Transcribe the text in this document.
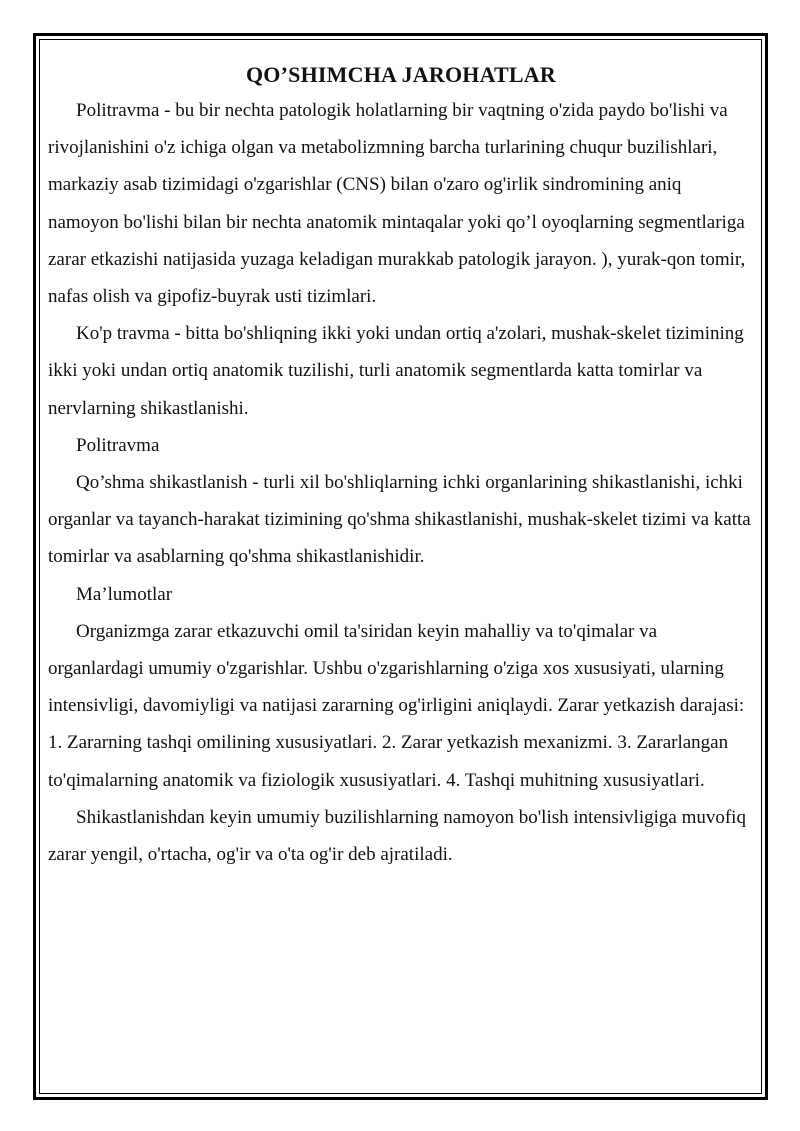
QO’SHIMCHA JAROHATLAR

Politravma - bu bir nechta patologik holatlarning bir vaqtning o'zida paydo bo'lishi va rivojlanishini o'z ichiga olgan va metabolizmning barcha turlarining chuqur buzilishlari, markaziy asab tizimidagi o'zgarishlar (CNS) bilan o'zaro og'irlik sindromining aniq namoyon bo'lishi bilan bir nechta anatomik mintaqalar yoki qo’l oyoqlarning segmentlariga zarar etkazishi natijasida yuzaga keladigan murakkab patologik jarayon. ), yurak-qon tomir, nafas olish va gipofiz-buyrak usti tizimlari.

Ko'p travma - bitta bo'shliqning ikki yoki undan ortiq a'zolari, mushak-skelet tizimining ikki yoki undan ortiq anatomik tuzilishi, turli anatomik segmentlarda katta tomirlar va nervlarning shikastlanishi.

Politravma

Qo’shma shikastlanish - turli xil bo'shliqlarning ichki organlarining shikastlanishi, ichki organlar va tayanch-harakat tizimining qo'shma shikastlanishi, mushak-skelet tizimi va katta tomirlar va asablarning qo'shma shikastlanishidir.

Ma’lumotlar

Organizmga zarar etkazuvchi omil ta'siridan keyin mahalliy va to'qimalar va organlardagi umumiy o'zgarishlar. Ushbu o'zgarishlarning o'ziga xos xususiyati, ularning intensivligi, davomiyligi va natijasi zararning og'irligini aniqlaydi. Zarar yetkazish darajasi: 1. Zararning tashqi omilining xususiyatlari. 2. Zarar yetkazish mexanizmi. 3. Zararlangan to'qimalarning anatomik va fiziologik xususiyatlari. 4. Tashqi muhitning xususiyatlari.

Shikastlanishdan keyin umumiy buzilishlarning namoyon bo'lish intensivligiga muvofiq zarar yengil, o'rtacha, og'ir va o'ta og'ir deb ajratiladi.
